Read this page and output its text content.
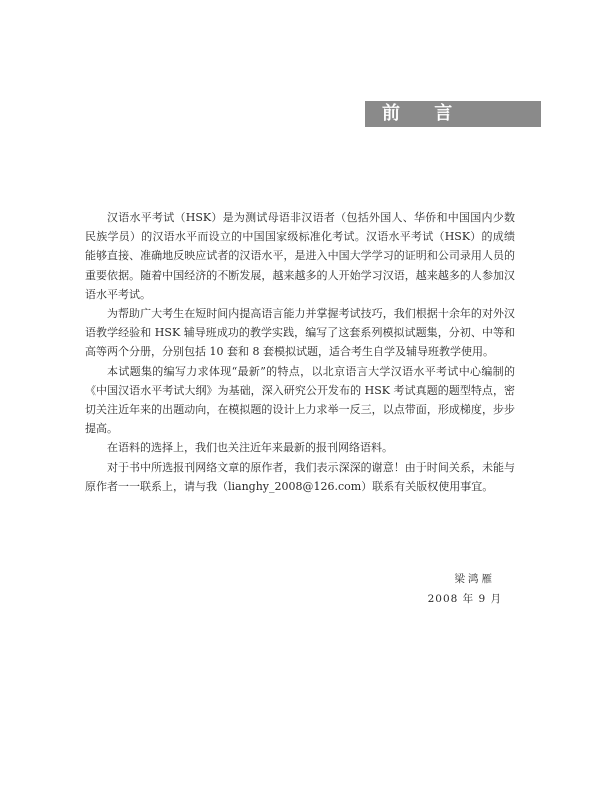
前 言

汉语水平考试（HSK）是为测试母语非汉语者（包括外国人、华侨和中国国内少数民族学员）的汉语水平而设立的中国国家级标准化考试。汉语水平考试（HSK）的成绩能够直接、准确地反映应试者的汉语水平，是进入中国大学学习的证明和公司录用人员的重要依据。随着中国经济的不断发展，越来越多的人开始学习汉语，越来越多的人参加汉语水平考试。

为帮助广大考生在短时间内提高语言能力并掌握考试技巧，我们根据十余年的对外汉语教学经验和 HSK 辅导班成功的教学实践，编写了这套系列模拟试题集，分初、中等和高等两个分册，分别包括 10 套和 8 套模拟试题，适合考生自学及辅导班教学使用。

本试题集的编写力求体现“最新”的特点，以北京语言大学汉语水平考试中心编制的《中国汉语水平考试大纲》为基础，深入研究公开发布的 HSK 考试真题的题型特点，密切关注近年来的出题动向，在模拟题的设计上力求举一反三，以点带面，形成梯度，步步提高。

在语料的选择上，我们也关注近年来最新的报刊网络语料。

对于书中所选报刊网络文章的原作者，我们表示深深的谢意！由于时间关系，未能与原作者一一联系上，请与我（lianghy_2008@126.com）联系有关版权使用事宜。

梁鸿雁
2008 年 9 月
